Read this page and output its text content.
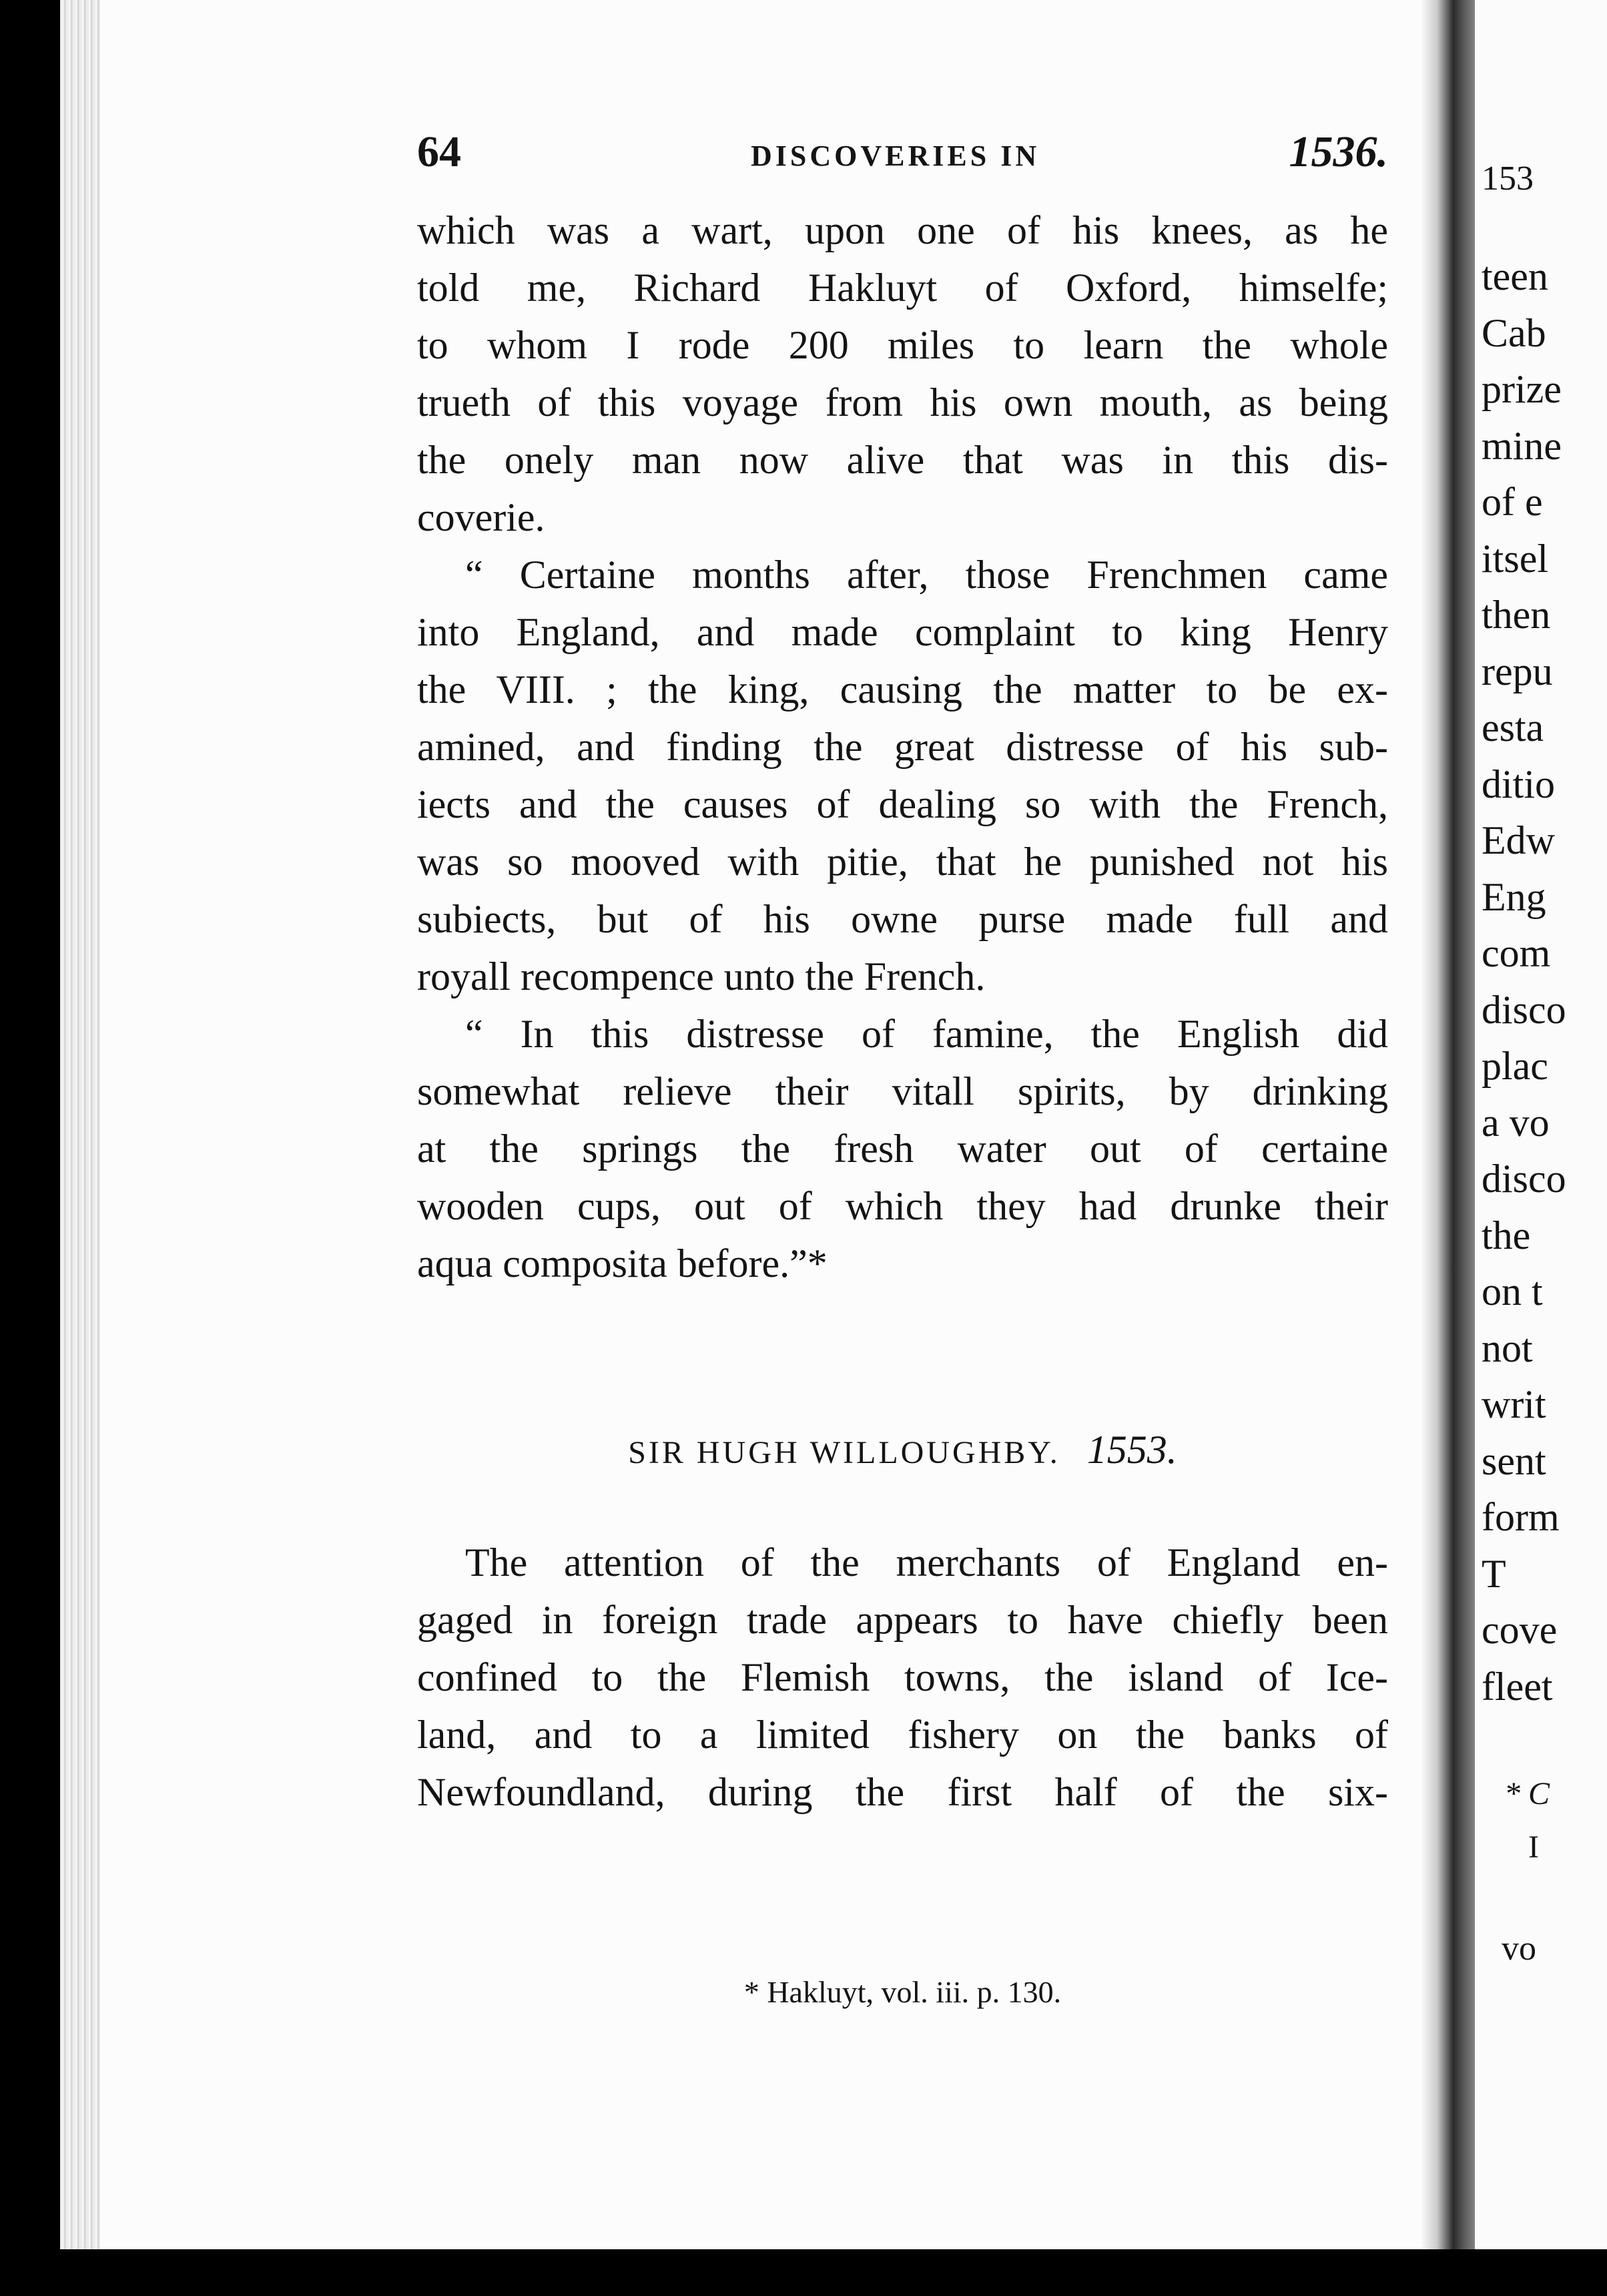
64	DISCOVERIES IN	1536.
which was a wart, upon one of his knees, as he
told me, Richard Hakluyt of Oxford, himselfe;
to whom I rode 200 miles to learn the whole
trueth of this voyage from his own mouth, as being
the onely man now alive that was in this dis-
coverie.
“ Certaine months after, those Frenchmen came
into England, and made complaint to king Henry
the VIII. ; the king, causing the matter to be ex-
amined, and finding the great distresse of his sub-
iects and the causes of dealing so with the French,
was so mooved with pitie, that he punished not his
subiects, but of his owne purse made full and
royall recompence unto the French.
“ In this distresse of famine, the English did
somewhat relieve their vitall spirits, by drinking
at the springs the fresh water out of certaine
wooden cups, out of which they had drunke their
aqua composita before.”*
SIR HUGH WILLOUGHBY. 1553.
The attention of the merchants of England en-
gaged in foreign trade appears to have chiefly been
confined to the Flemish towns, the island of Ice-
land, and to a limited fishery on the banks of
Newfoundland, during the first half of the six-
* Hakluyt, vol. iii. p. 130.
153
teen
Cab
prize
mine
of e
itsel
then
repu
esta
ditio
Edw
Eng
com
disco
plac
a vo
disco
the
on t
not
writ
sent
form
T
cove
fleet
* C
I
vo
